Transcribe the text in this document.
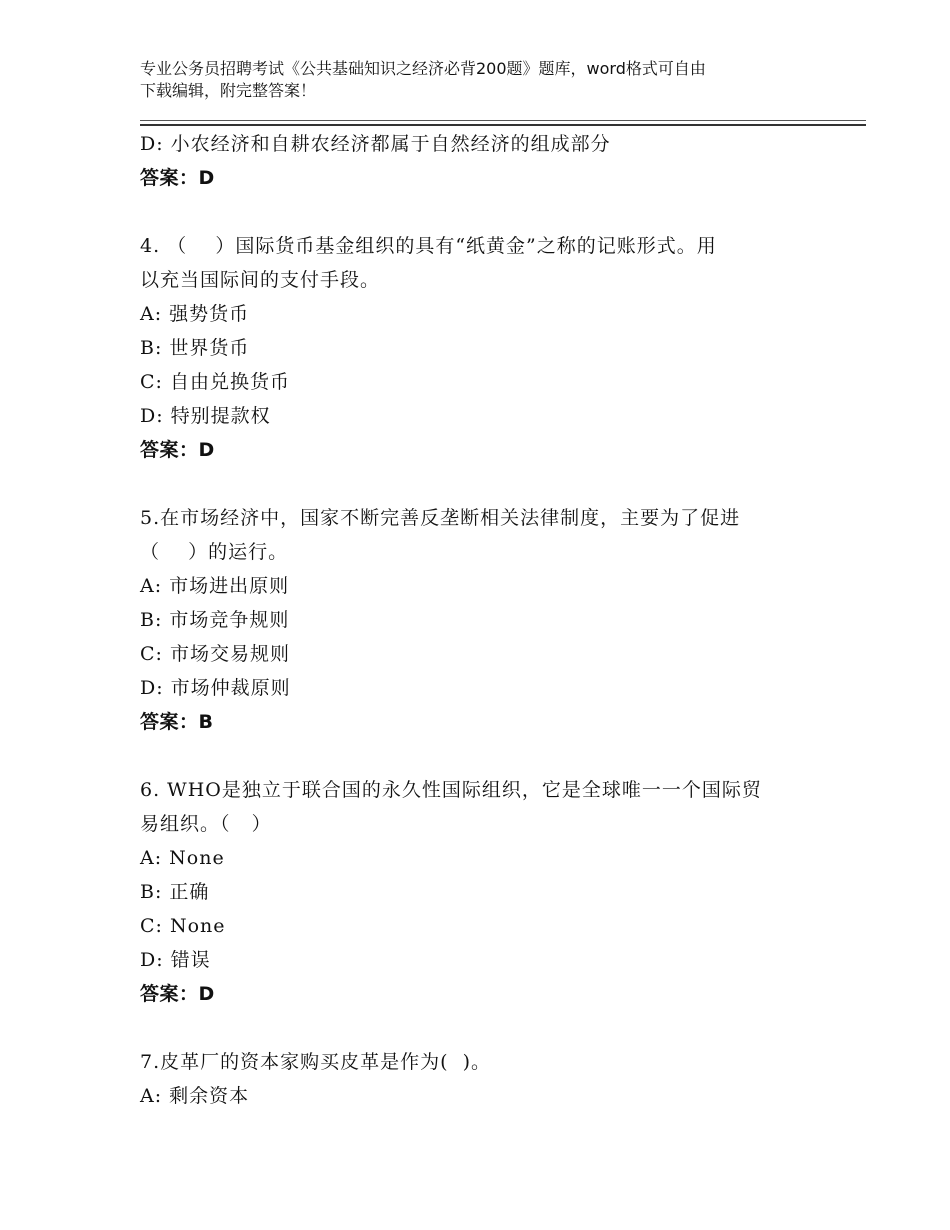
专业公务员招聘考试《公共基础知识之经济必背200题》题库，word格式可自由
下载编辑，附完整答案！
D: 小农经济和自耕农经济都属于自然经济的组成部分
答案：D
4. （    ）国际货币基金组织的具有“纸黄金”之称的记账形式。用
以充当国际间的支付手段。
A: 强势货币
B: 世界货币
C: 自由兑换货币
D: 特别提款权
答案：D
5.在市场经济中，国家不断完善反垄断相关法律制度，主要为了促进
（    ）的运行。
A: 市场进出原则
B: 市场竞争规则
C: 市场交易规则
D: 市场仲裁原则
答案：B
6. WHO是独立于联合国的永久性国际组织，它是全球唯一一个国际贸
易组织。（   ）
A: None
B: 正确
C: None
D: 错误
答案：D
7.皮革厂的资本家购买皮革是作为(  )。
A: 剩余资本
